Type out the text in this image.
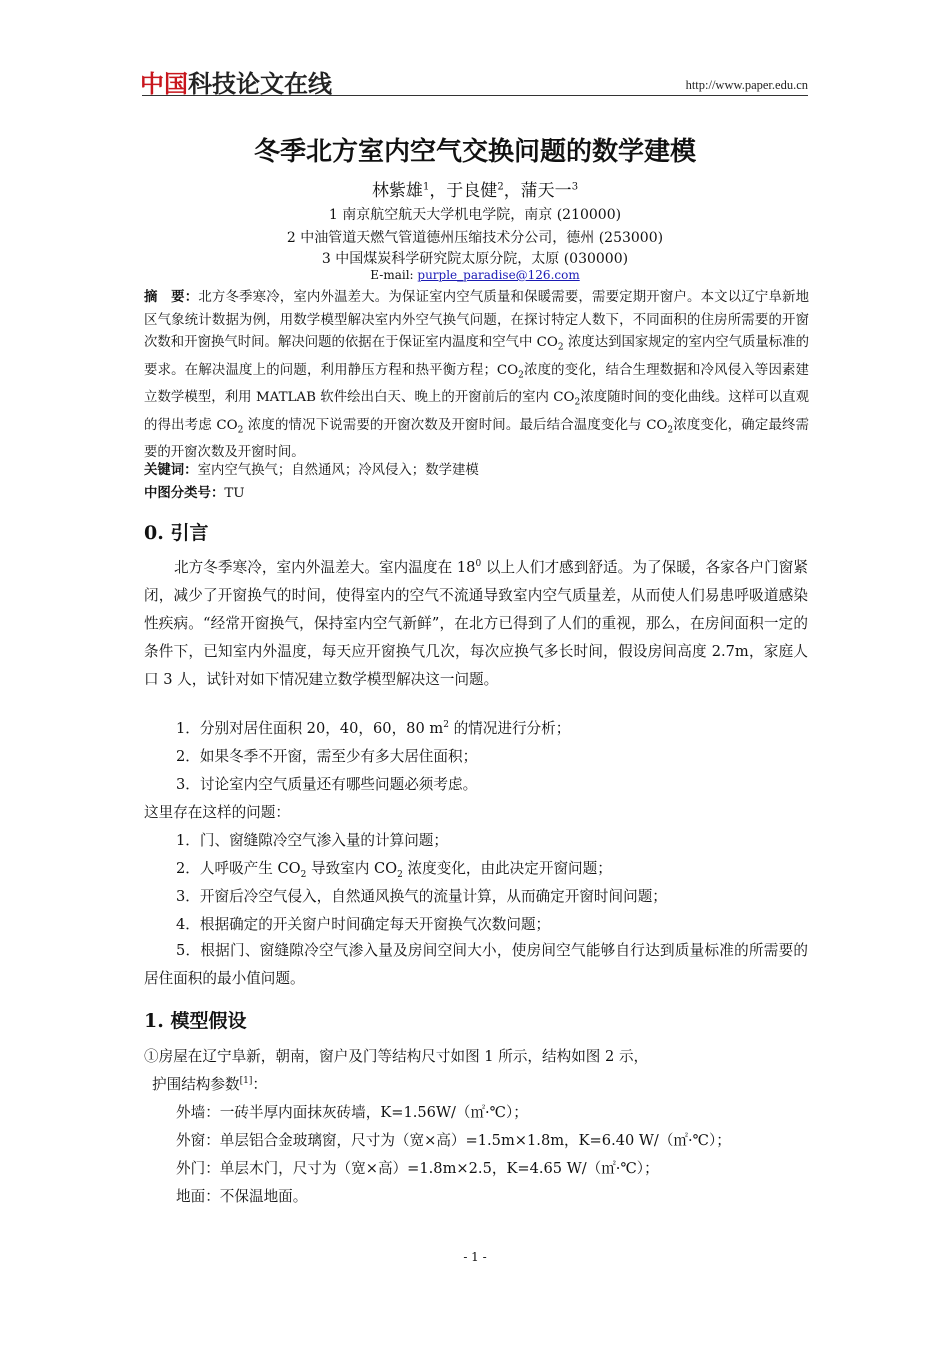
中国科技论文在线	http://www.paper.edu.cn
冬季北方室内空气交换问题的数学建模
林紫雄$^1$，于良健$^2$，蒲天一$^3$
1 南京航空航天大学机电学院，南京 (210000)
2 中油管道天燃气管道德州压缩技术分公司，德州 (253000)
3 中国煤炭科学研究院太原分院，太原 (030000)
E-mail: purple_paradise@126.com
摘　要：北方冬季寒冷，室内外温差大。为保证室内空气质量和保暖需要，需要定期开窗户。本文以辽宁阜新地区气象统计数据为例，用数学模型解决室内外空气换气问题，在探讨特定人数下，不同面积的住房所需要的开窗次数和开窗换气时间。解决问题的依据在于保证室内温度和空气中 $CO_2$ 浓度达到国家规定的室内空气质量标准的要求。在解决温度上的问题，利用静压方程和热平衡方程；$CO_2$浓度的变化，结合生理数据和冷风侵入等因素建立数学模型，利用 MATLAB 软件绘出白天、晚上的开窗前后的室内 $CO_2$浓度随时间的变化曲线。这样可以直观的得出考虑 $CO_2$ 浓度的情况下说需要的开窗次数及开窗时间。最后结合温度变化与 $CO_2$浓度变化，确定最终需要的开窗次数及开窗时间。
关键词：室内空气换气；自然通风；冷风侵入；数学建模
中图分类号：TU
0. 引言
北方冬季寒冷，室内外温差大。室内温度在 $18^0$ 以上人们才感到舒适。为了保暖，各家各户门窗紧闭，减少了开窗换气的时间，使得室内的空气不流通导致室内空气质量差，从而使人们易患呼吸道感染性疾病。“经常开窗换气，保持室内空气新鲜”，在北方已得到了人们的重视，那么，在房间面积一定的条件下，已知室内外温度，每天应开窗换气几次，每次应换气多长时间，假设房间高度 2.7m，家庭人口 3 人，试针对如下情况建立数学模型解决这一问题。
1．分别对居住面积 20，40，60，80 $m^2$ 的情况进行分析；
2．如果冬季不开窗，需至少有多大居住面积；
3．讨论室内空气质量还有哪些问题必须考虑。
这里存在这样的问题：
1．门、窗缝隙冷空气渗入量的计算问题；
2．人呼吸产生 $CO_2$ 导致室内 $CO_2$ 浓度变化，由此决定开窗问题；
3．开窗后冷空气侵入，自然通风换气的流量计算，从而确定开窗时间问题；
4．根据确定的开关窗户时间确定每天开窗换气次数问题；
5．根据门、窗缝隙冷空气渗入量及房间空间大小，使房间空气能够自行达到质量标准的所需要的居住面积的最小值问题。
1. 模型假设
①房屋在辽宁阜新，朝南，窗户及门等结构尺寸如图 1 所示，结构如图 2 示，
护围结构参数[1]：
外墙：一砖半厚内面抹灰砖墙，K=1.56W/（㎡·℃）；
外窗：单层铝合金玻璃窗，尺寸为（宽×高）=1.5m×1.8m，K=6.40 W/（㎡·℃）；
外门：单层木门，尺寸为（宽×高）=1.8m×2.5，K=4.65 W/（㎡·℃）；
地面：不保温地面。
- 1 -
